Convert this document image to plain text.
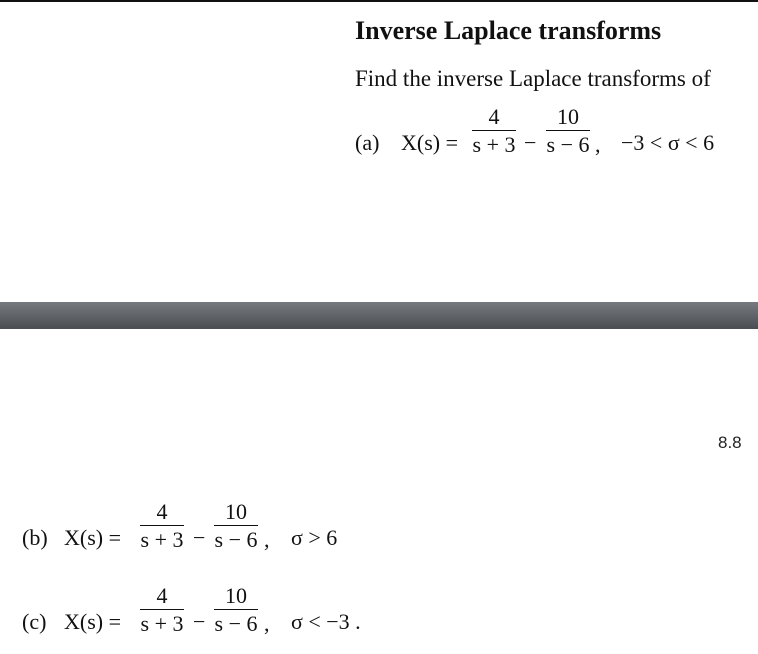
Inverse Laplace transforms
Find the inverse Laplace transforms of
(a) X(s) =
4
s + 3 −
10
s − 6 , −3 < σ < 6
8.8
(b) X(s) =
4
s + 3 −
10
s − 6 , σ > 6
(c) X(s) =
4
s + 3 −
10
s − 6 , σ < −3 .
